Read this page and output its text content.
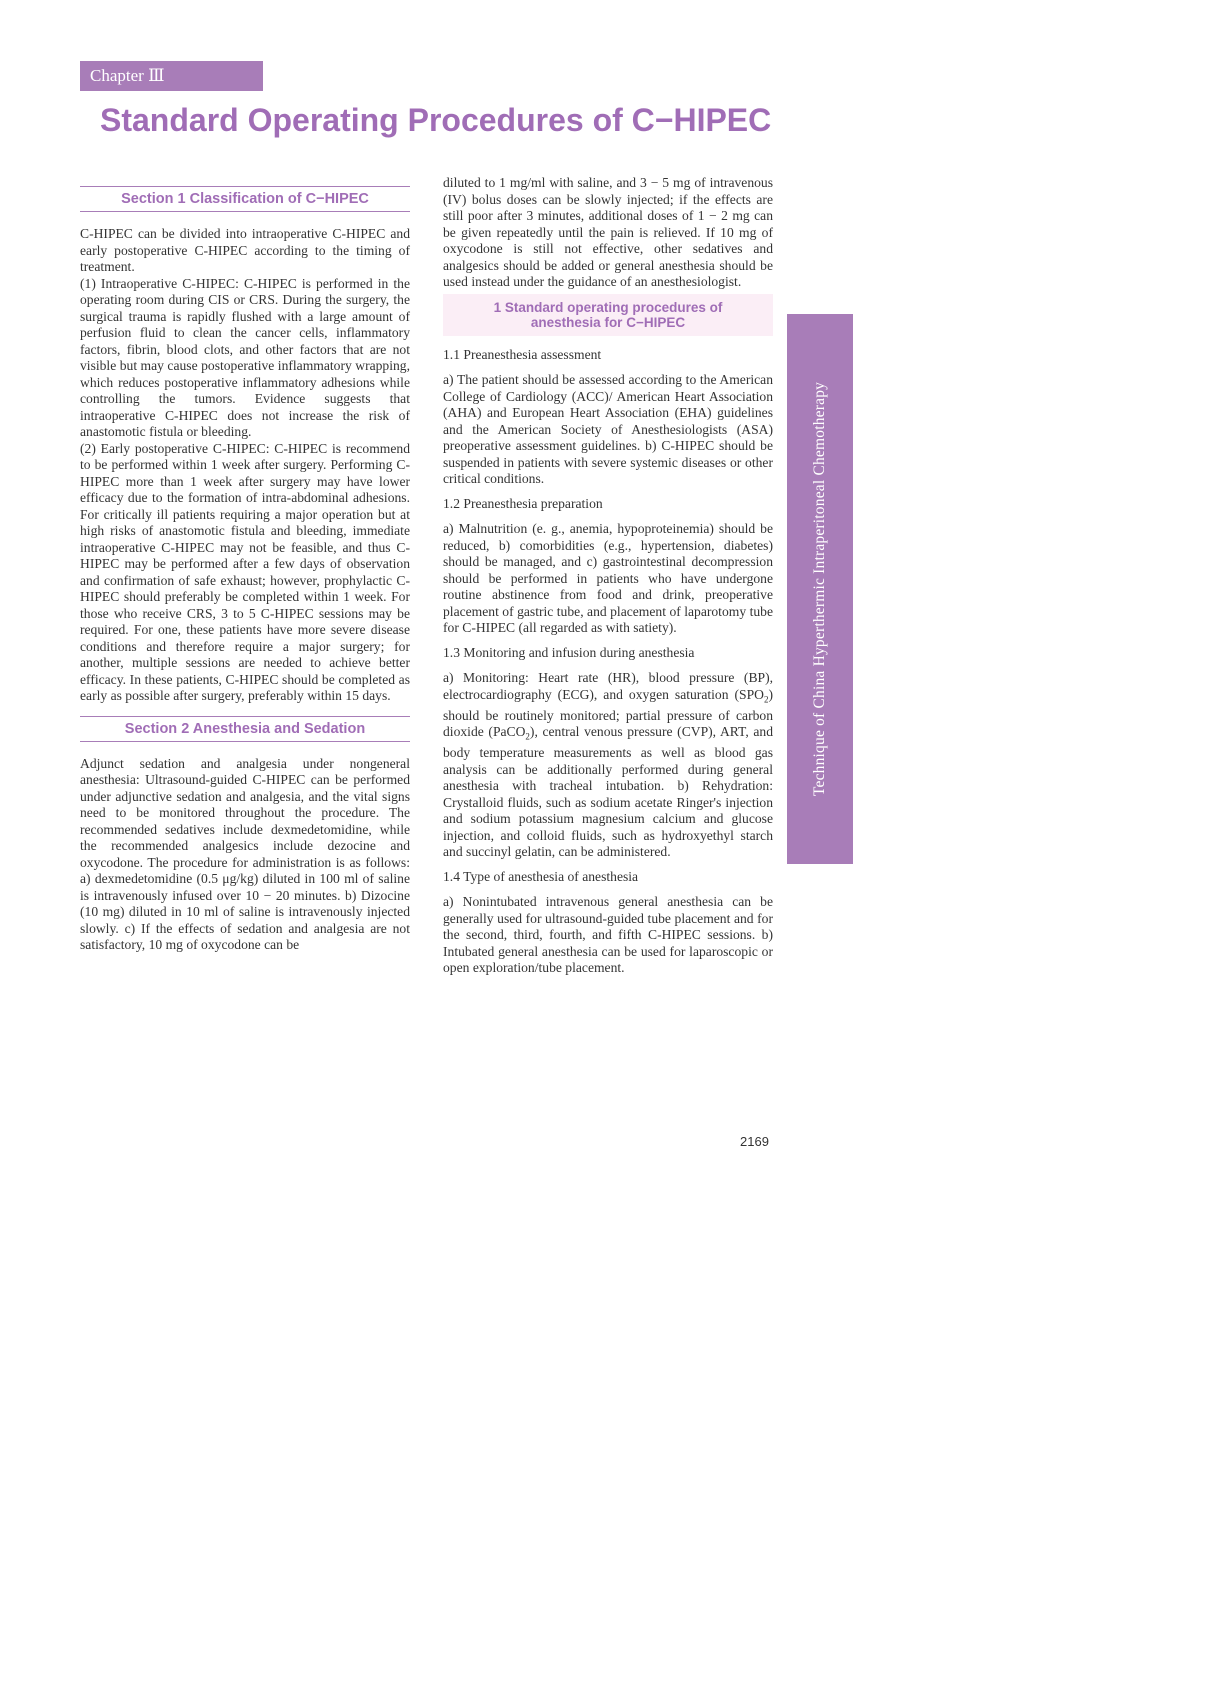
Chapter Ⅲ
Standard Operating Procedures of C−HIPEC
Section 1 Classification of C−HIPEC

C-HIPEC can be divided into intraoperative C-HIPEC and early postoperative C-HIPEC according to the timing of treatment.

(1) Intraoperative C-HIPEC: C-HIPEC is performed in the operating room during CIS or CRS. During the surgery, the surgical trauma is rapidly flushed with a large amount of perfusion fluid to clean the cancer cells, inflammatory factors, fibrin, blood clots, and other factors that are not visible but may cause postoperative inflammatory wrapping, which reduces postoperative inflammatory adhesions while controlling the tumors. Evidence suggests that intraoperative C-HIPEC does not increase the risk of anastomotic fistula or bleeding.

(2) Early postoperative C-HIPEC: C-HIPEC is recommend to be performed within 1 week after surgery. Performing C-HIPEC more than 1 week after surgery may have lower efficacy due to the formation of intra-abdominal adhesions. For critically ill patients requiring a major operation but at high risks of anastomotic fistula and bleeding, immediate intraoperative C-HIPEC may not be feasible, and thus C-HIPEC may be performed after a few days of observation and confirmation of safe exhaust; however, prophylactic C-HIPEC should preferably be completed within 1 week. For those who receive CRS, 3 to 5 C-HIPEC sessions may be required. For one, these patients have more severe disease conditions and therefore require a major surgery; for another, multiple sessions are needed to achieve better efficacy. In these patients, C-HIPEC should be completed as early as possible after surgery, preferably within 15 days.

Section 2 Anesthesia and Sedation

Adjunct sedation and analgesia under nongeneral anesthesia: Ultrasound-guided C-HIPEC can be performed under adjunctive sedation and analgesia, and the vital signs need to be monitored throughout the procedure. The recommended sedatives include dexmedetomidine, while the recommended analgesics include dezocine and oxycodone. The procedure for administration is as follows: a) dexmedetomidine (0.5 μg/kg) diluted in 100 ml of saline is intravenously infused over 10 − 20 minutes. b) Dizocine (10 mg) diluted in 10 ml of saline is intravenously injected slowly. c) If the effects of sedation and analgesia are not satisfactory, 10 mg of oxycodone can be

diluted to 1 mg/ml with saline, and 3 − 5 mg of intravenous (IV) bolus doses can be slowly injected; if the effects are still poor after 3 minutes, additional doses of 1 − 2 mg can be given repeatedly until the pain is relieved. If 10 mg of oxycodone is still not effective, other sedatives and analgesics should be added or general anesthesia should be used instead under the guidance of an anesthesiologist.

1 Standard operating procedures of
anesthesia for C−HIPEC

1.1 Preanesthesia assessment

a) The patient should be assessed according to the American College of Cardiology (ACC)/ American Heart Association (AHA) and European Heart Association (EHA) guidelines and the American Society of Anesthesiologists (ASA) preoperative assessment guidelines. b) C-HIPEC should be suspended in patients with severe systemic diseases or other critical conditions.

1.2 Preanesthesia preparation

a) Malnutrition (e. g., anemia, hypoproteinemia) should be reduced, b) comorbidities (e.g., hypertension, diabetes) should be managed, and c) gastrointestinal decompression should be performed in patients who have undergone routine abstinence from food and drink, preoperative placement of gastric tube, and placement of laparotomy tube for C-HIPEC (all regarded as with satiety).

1.3 Monitoring and infusion during anesthesia

a) Monitoring: Heart rate (HR), blood pressure (BP), electrocardiography (ECG), and oxygen saturation $(SPO_2)$ should be routinely monitored; partial pressure of carbon dioxide (PaCO$_2$), central venous pressure (CVP), ART, and body temperature measurements as well as blood gas analysis can be additionally performed during general anesthesia with tracheal intubation. b) Rehydration: Crystalloid fluids, such as sodium acetate Ringer's injection and sodium potassium magnesium calcium and glucose injection, and colloid fluids, such as hydroxyethyl starch and succinyl gelatin, can be administered.

1.4 Type of anesthesia of anesthesia

a) Nonintubated intravenous general anesthesia can be generally used for ultrasound-guided tube placement and for the second, third, fourth, and fifth C-HIPEC sessions. b) Intubated general anesthesia can be used for laparoscopic or open exploration/tube placement.

Technique of China Hyperthermic Intraperitoneal Chemotherapy
2169
